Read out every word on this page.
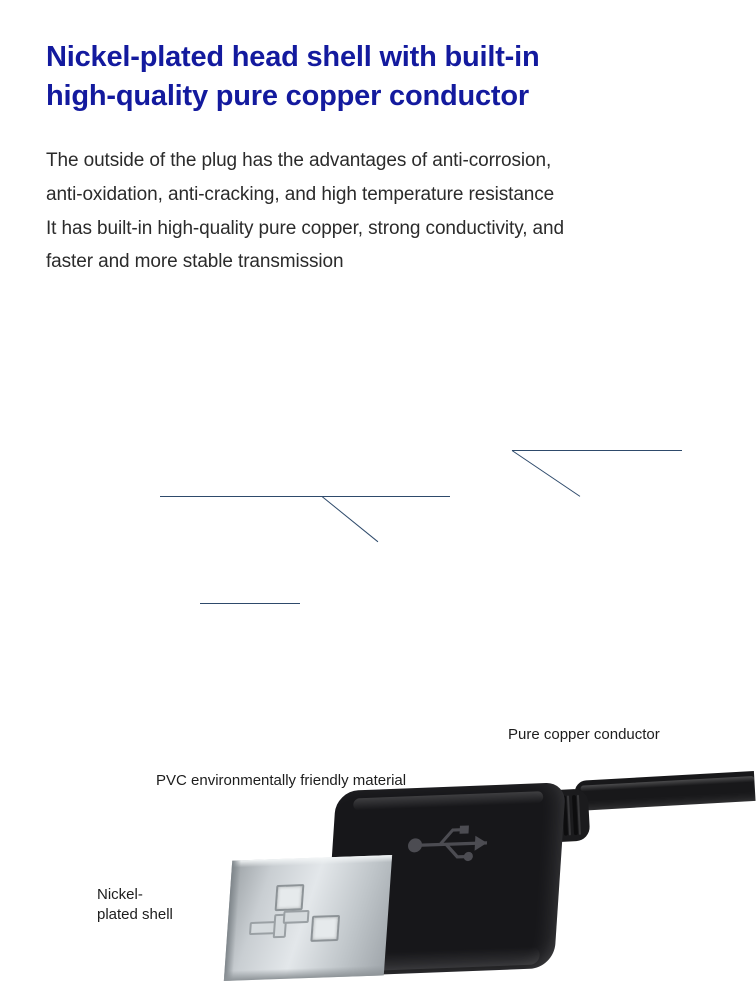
Nickel-plated head shell with built-in
high-quality pure copper conductor
The outside of the plug has the advantages of anti-corrosion,
anti-oxidation, anti-cracking, and high temperature resistance
It has built-in high-quality pure copper, strong conductivity, and
faster and more stable transmission
Pure copper conductor
PVC environmentally friendly material
Nickel-
plated shell
